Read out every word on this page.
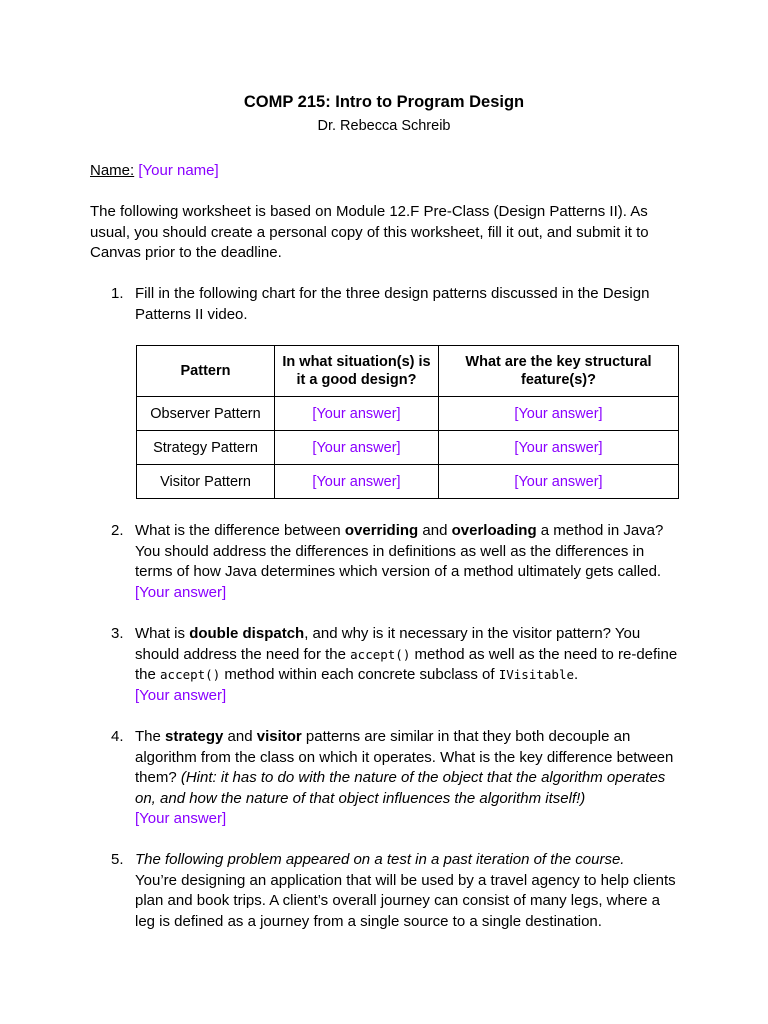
COMP 215: Intro to Program Design
Dr. Rebecca Schreib
Name: [Your name]
The following worksheet is based on Module 12.F Pre-Class (Design Patterns II). As usual, you should create a personal copy of this worksheet, fill it out, and submit it to Canvas prior to the deadline.
1. Fill in the following chart for the three design patterns discussed in the Design Patterns II video.
Pattern	In what situation(s) is it a good design?	What are the key structural feature(s)?
Observer Pattern	[Your answer]	[Your answer]
Strategy Pattern	[Your answer]	[Your answer]
Visitor Pattern	[Your answer]	[Your answer]
2. What is the difference between overriding and overloading a method in Java? You should address the differences in definitions as well as the differences in terms of how Java determines which version of a method ultimately gets called.
[Your answer]
3. What is double dispatch, and why is it necessary in the visitor pattern? You should address the need for the accept() method as well as the need to re-define the accept() method within each concrete subclass of IVisitable.
[Your answer]
4. The strategy and visitor patterns are similar in that they both decouple an algorithm from the class on which it operates. What is the key difference between them? (Hint: it has to do with the nature of the object that the algorithm operates on, and how the nature of that object influences the algorithm itself!)
[Your answer]
5. The following problem appeared on a test in a past iteration of the course.
You’re designing an application that will be used by a travel agency to help clients plan and book trips. A client’s overall journey can consist of many legs, where a leg is defined as a journey from a single source to a single destination.
